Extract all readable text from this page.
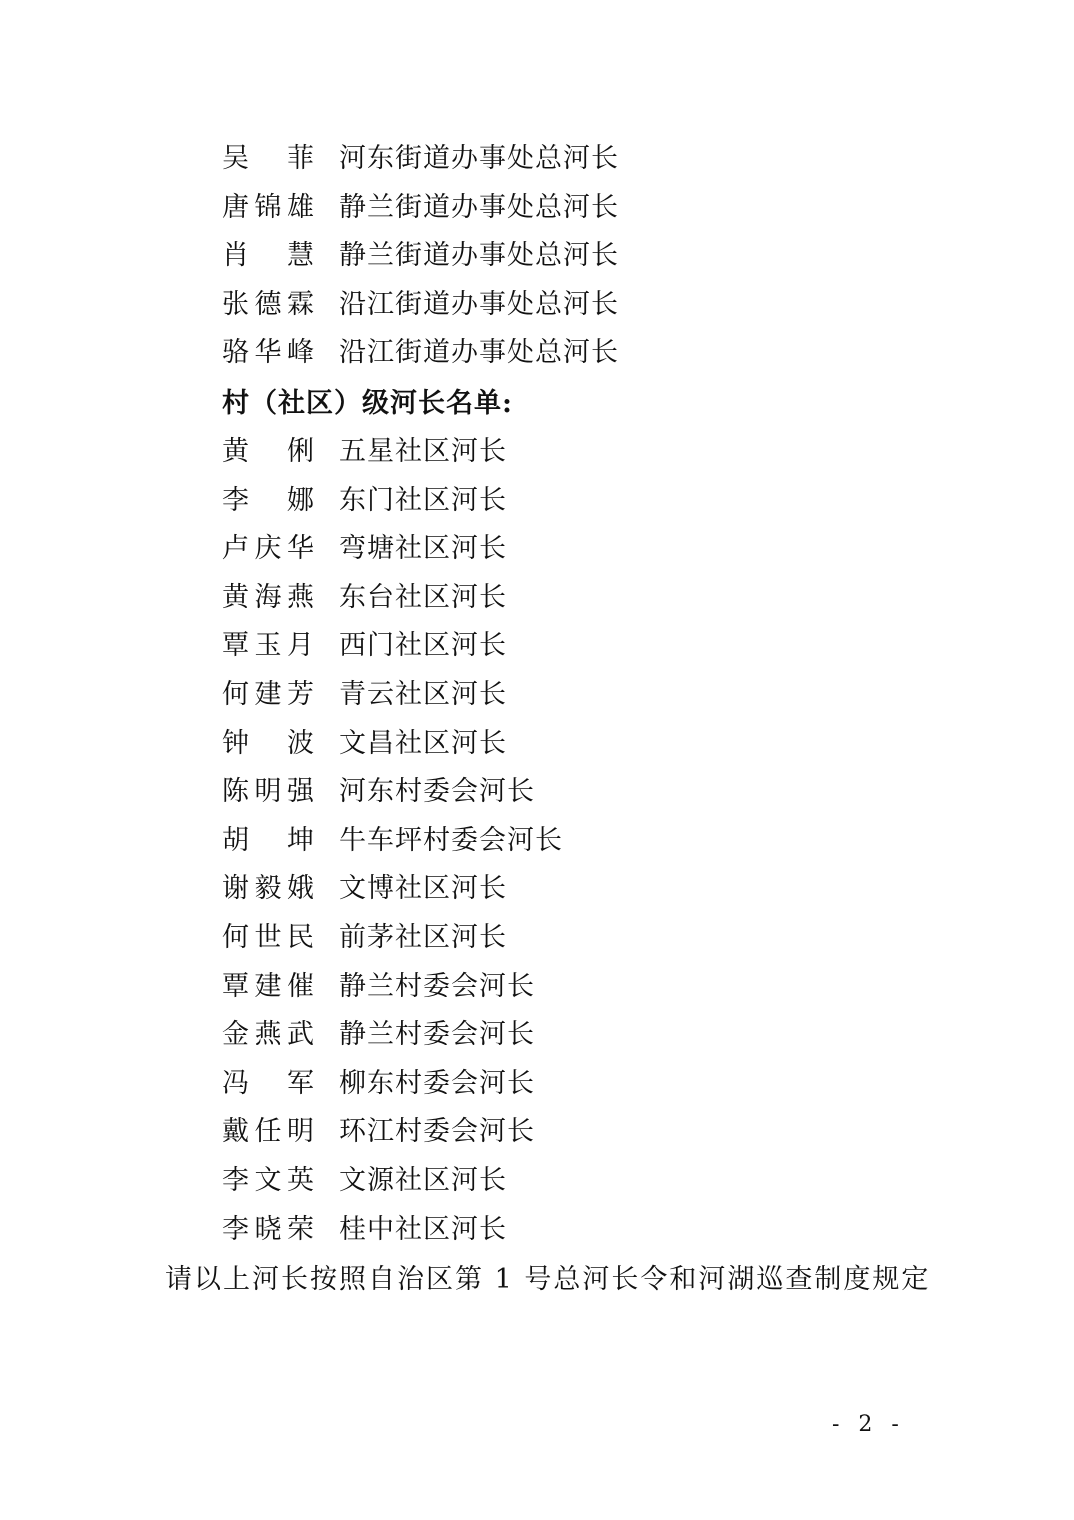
吴 菲 河东街道办事处总河长
唐 锦 雄 静兰街道办事处总河长
肖 慧 静兰街道办事处总河长
张 德 霖 沿江街道办事处总河长
骆 华 峰 沿江街道办事处总河长
村（社区）级河长名单:
黄 俐 五星社区河长
李 娜 东门社区河长
卢 庆 华 弯塘社区河长
黄 海 燕 东台社区河长
覃 玉 月 西门社区河长
何 建 芳 青云社区河长
钟 波 文昌社区河长
陈 明 强 河东村委会河长
胡 坤 牛车坪村委会河长
谢 毅 娥 文博社区河长
何 世 民 前茅社区河长
覃 建 催 静兰村委会河长
金 燕 武 静兰村委会河长
冯 军 柳东村委会河长
戴 任 明 环江村委会河长
李 文 英 文源社区河长
李 晓 荣 桂中社区河长
请以上河长按照自治区第 1 号总河长令和河湖巡查制度规定
- 2 -
